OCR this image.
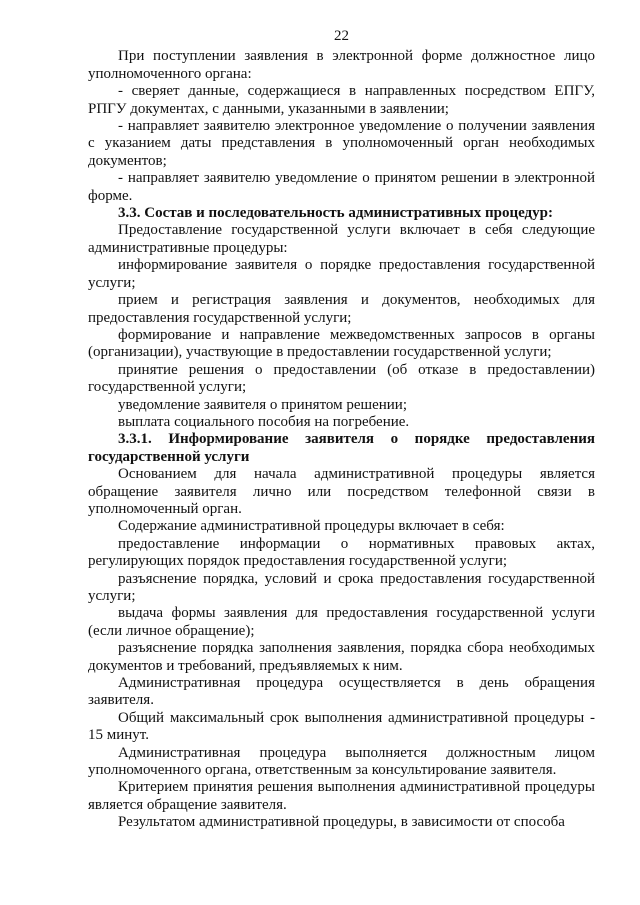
22

При поступлении заявления в электронной форме должностное лицо уполномоченного органа:

- сверяет данные, содержащиеся в направленных посредством ЕПГУ, РПГУ документах, с данными, указанными в заявлении;

- направляет заявителю электронное уведомление о получении заявления с указанием даты представления в уполномоченный орган необходимых документов;

- направляет заявителю уведомление о принятом решении в электронной форме.

3.3. Состав и последовательность административных процедур:

Предоставление государственной услуги включает в себя следующие административные процедуры:

информирование заявителя о порядке предоставления государственной услуги;

прием и регистрация заявления и документов, необходимых для предоставления государственной услуги;

формирование и направление межведомственных запросов в органы (организации), участвующие в предоставлении государственной услуги;

принятие решения о предоставлении (об отказе в предоставлении) государственной услуги;

уведомление заявителя о принятом решении;

выплата социального пособия на погребение.

3.3.1. Информирование заявителя о порядке предоставления государственной услуги

Основанием для начала административной процедуры является обращение заявителя лично или посредством телефонной связи в уполномоченный орган.

Содержание административной процедуры включает в себя:

предоставление информации о нормативных правовых актах, регулирующих порядок предоставления государственной услуги;

разъяснение порядка, условий и срока предоставления государственной услуги;

выдача формы заявления для предоставления государственной услуги (если личное обращение);

разъяснение порядка заполнения заявления, порядка сбора необходимых документов и требований, предъявляемых к ним.

Административная процедура осуществляется в день обращения заявителя.

Общий максимальный срок выполнения административной процедуры - 15 минут.

Административная процедура выполняется должностным лицом уполномоченного органа, ответственным за консультирование заявителя.

Критерием принятия решения выполнения административной процедуры является обращение заявителя.

Результатом административной процедуры, в зависимости от способа
